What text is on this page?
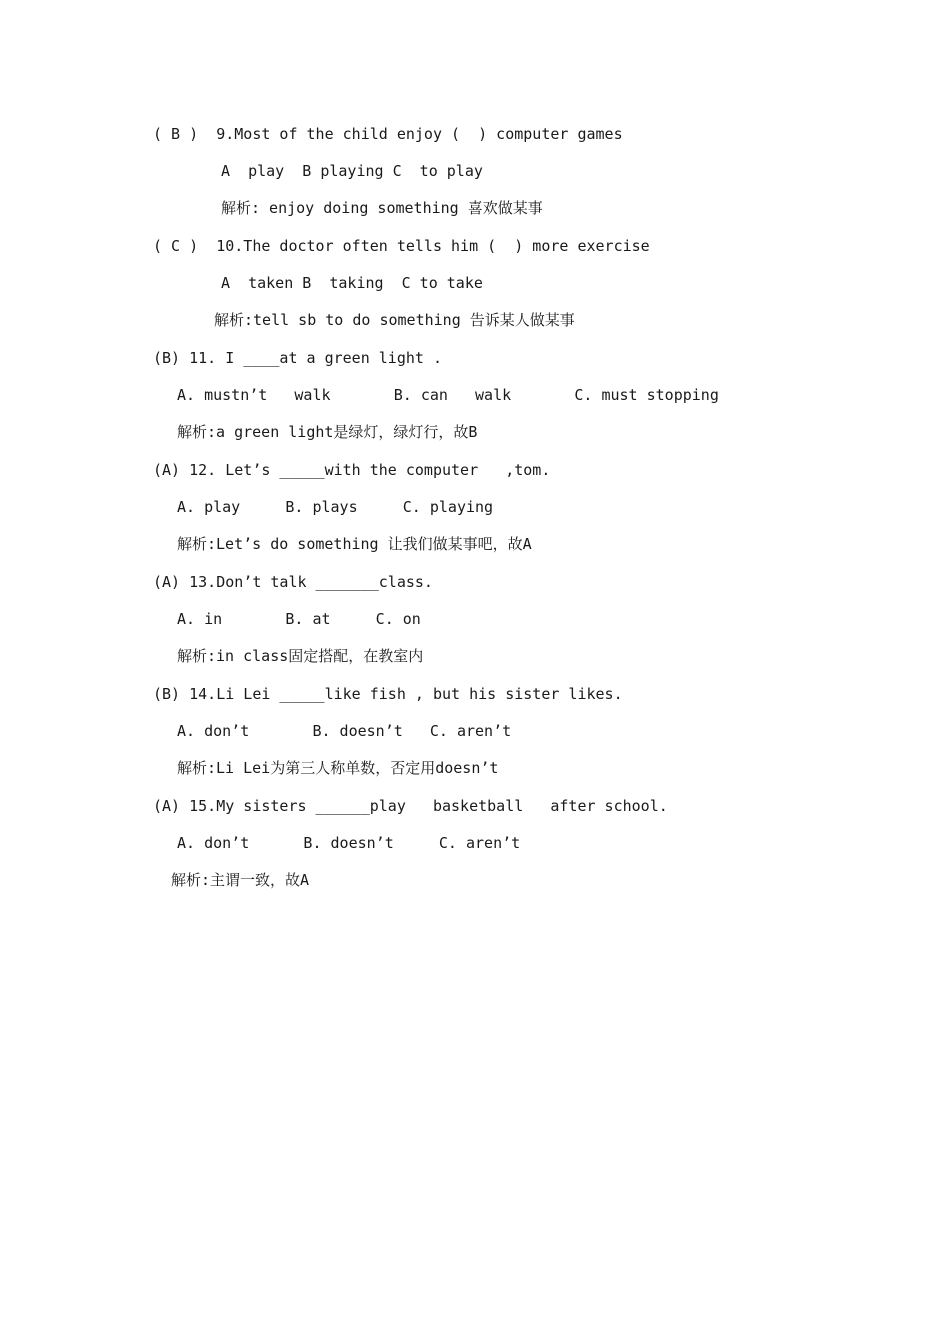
( B )  9.Most of the child enjoy (  ) computer games
A  play  B playing C  to play
解析: enjoy doing something 喜欢做某事
( C )  10.The doctor often tells him (  ) more exercise
A  taken B  taking  C to take
解析:tell sb to do something 告诉某人做某事
(B) 11. I ____at a green light .
A. mustn’t   walk       B. can   walk       C. must stopping
解析:a green light是绿灯，绿灯行，故B
(A) 12. Let’s _____with the computer   ,tom.
A. play     B. plays     C. playing
解析:Let’s do something 让我们做某事吧，故A
(A) 13.Don’t talk _______class.
A. in       B. at     C. on
解析:in class固定搭配，在教室内
(B) 14.Li Lei _____like fish , but his sister likes.
A. don’t       B. doesn’t   C. aren’t
解析:Li Lei为第三人称单数，否定用doesn’t
(A) 15.My sisters ______play   basketball   after school.
A. don’t      B. doesn’t     C. aren’t
解析:主谓一致，故A
